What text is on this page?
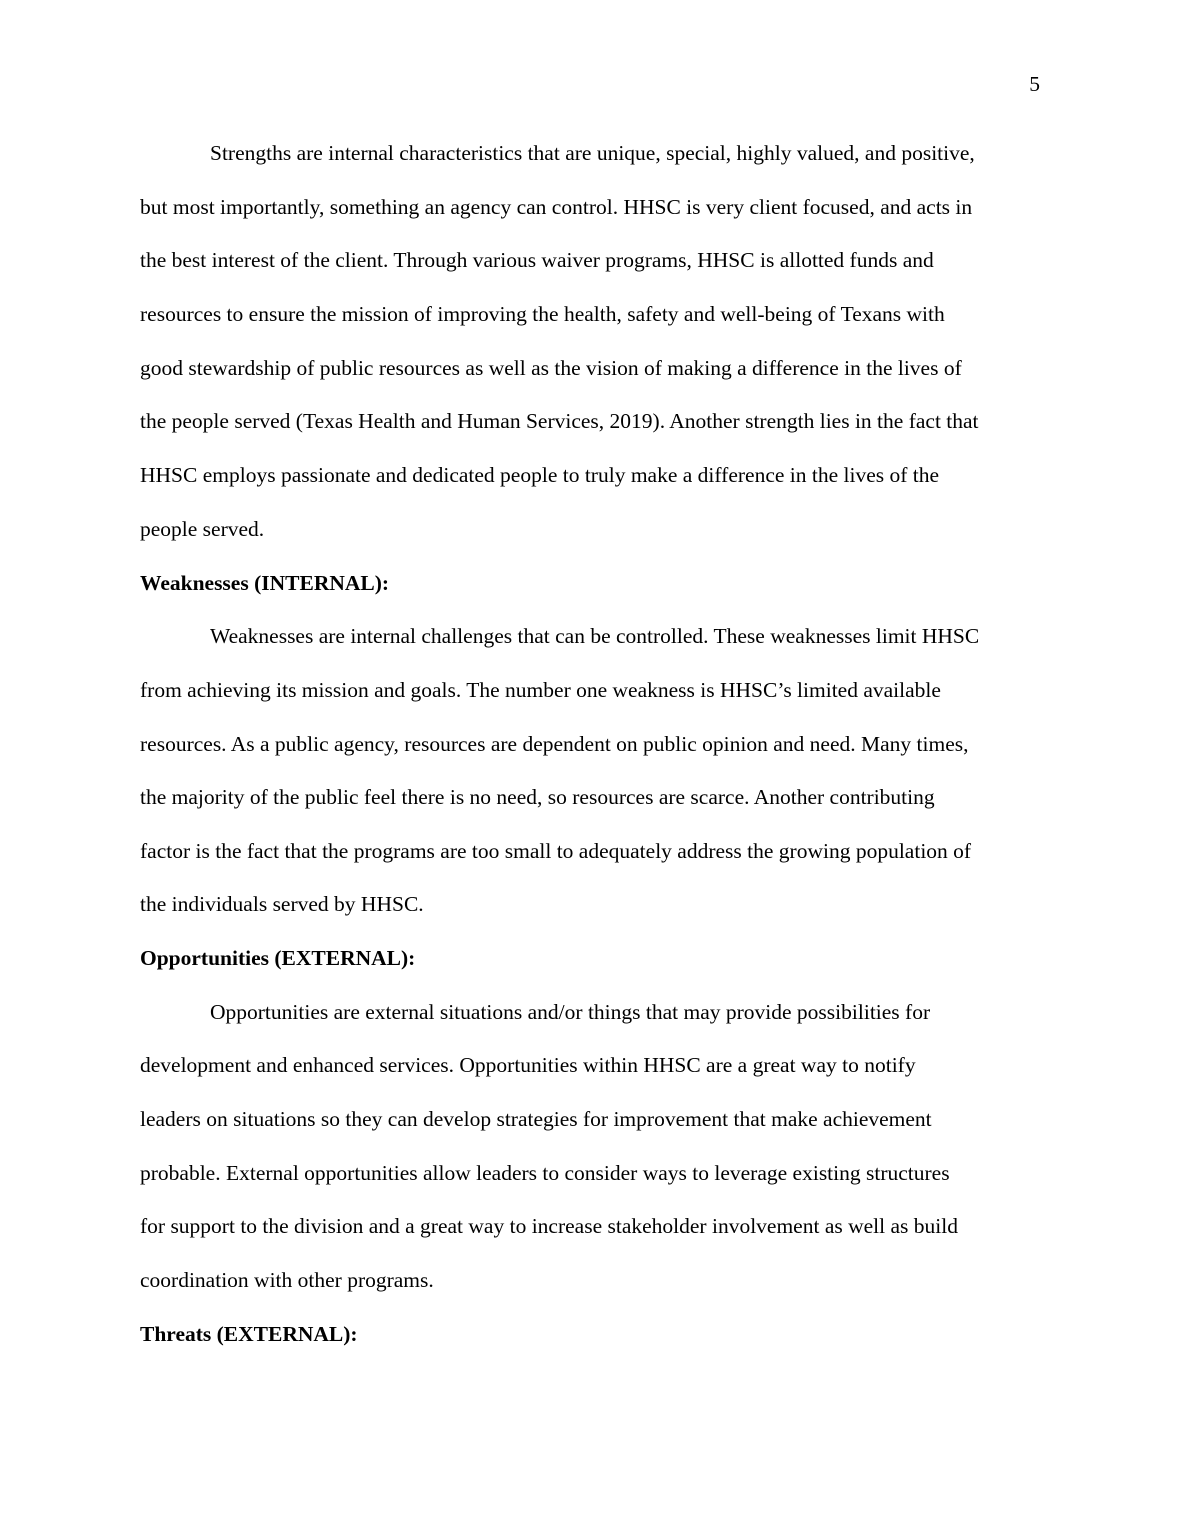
5
Strengths are internal characteristics that are unique, special, highly valued, and positive,
but most importantly, something an agency can control. HHSC is very client focused, and acts in
the best interest of the client. Through various waiver programs, HHSC is allotted funds and
resources to ensure the mission of improving the health, safety and well-being of Texans with
good stewardship of public resources as well as the vision of making a difference in the lives of
the people served (Texas Health and Human Services, 2019). Another strength lies in the fact that
HHSC employs passionate and dedicated people to truly make a difference in the lives of the
people served.
Weaknesses (INTERNAL):
Weaknesses are internal challenges that can be controlled. These weaknesses limit HHSC
from achieving its mission and goals. The number one weakness is HHSC’s limited available
resources. As a public agency, resources are dependent on public opinion and need. Many times,
the majority of the public feel there is no need, so resources are scarce. Another contributing
factor is the fact that the programs are too small to adequately address the growing population of
the individuals served by HHSC.
Opportunities (EXTERNAL):
Opportunities are external situations and/or things that may provide possibilities for
development and enhanced services. Opportunities within HHSC are a great way to notify
leaders on situations so they can develop strategies for improvement that make achievement
probable. External opportunities allow leaders to consider ways to leverage existing structures
for support to the division and a great way to increase stakeholder involvement as well as build
coordination with other programs.
Threats (EXTERNAL):
